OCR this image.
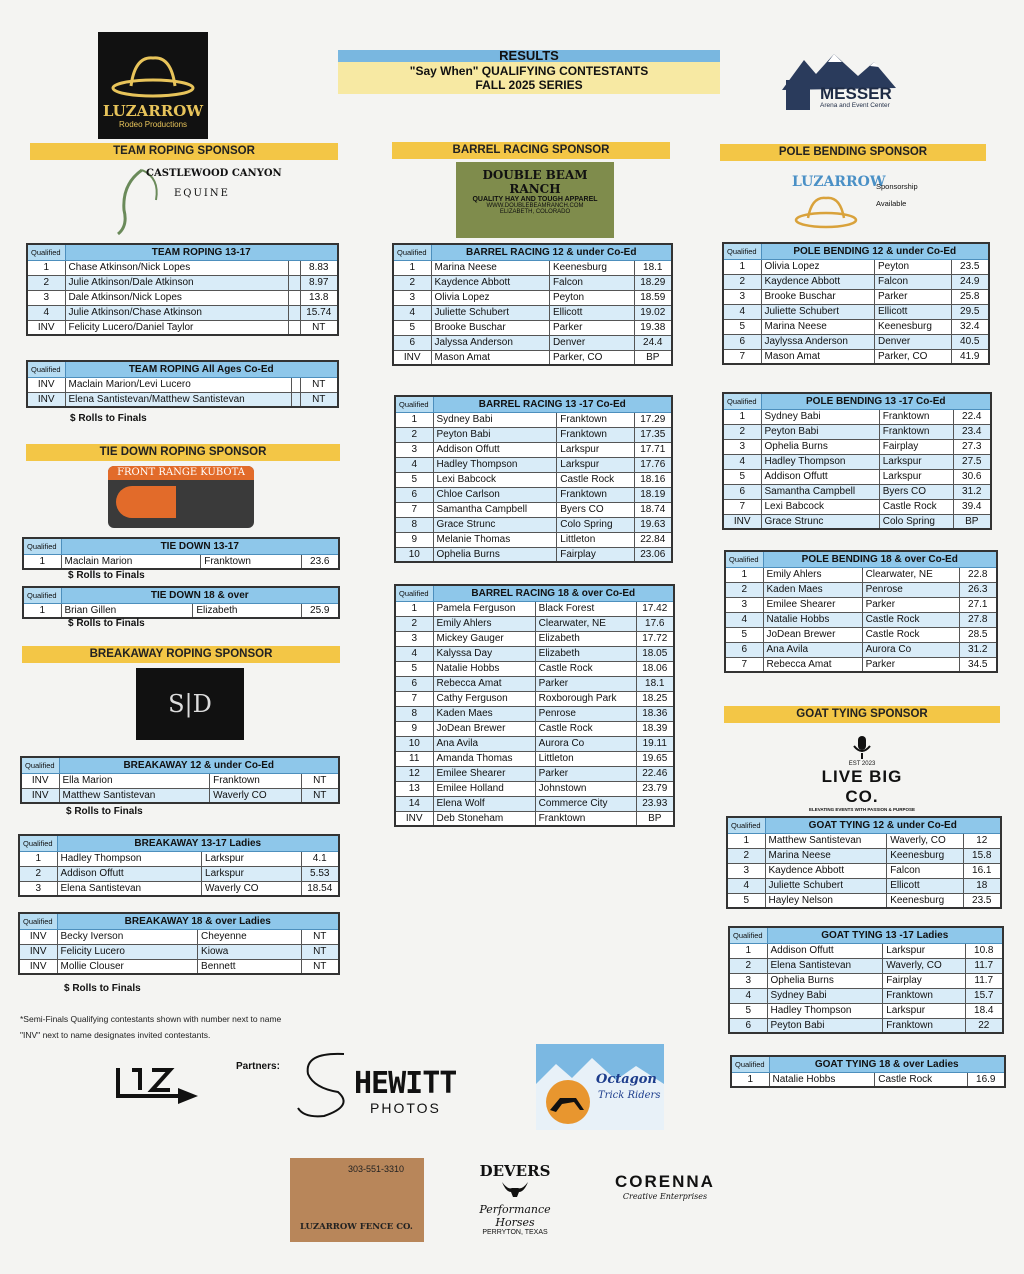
RESULTS
"Say When" QUALIFYING CONTESTANTS
FALL 2025 SERIES
LUZARROW
Rodeo Productions
MESSER
Arena and Event Center
TEAM ROPING SPONSOR	BARREL RACING SPONSOR	POLE BENDING SPONSOR
TIE DOWN ROPING SPONSOR
BREAKAWAY ROPING SPONSOR
GOAT TYING SPONSOR
CASTLEWOOD CANYON
EQUINE
DOUBLE BEAM RANCH
QUALITY HAY AND TOUGH APPAREL
WWW.DOUBLEBEAMRANCH.COM
ELIZABETH, COLORADO
LUZARROW
Sponsorship
Available
FRONT RANGE KUBOTA
S|D
EST 2023
LIVE BIG CO.
ELEVATING EVENTS WITH PASSION & PURPOSE
Qualified	TEAM ROPING 13-17		
1	Chase Atkinson/Nick Lopes		8.83
2	Julie Atkinson/Dale Atkinson		8.97
3	Dale Atkinson/Nick Lopes		13.8
4	Julie Atkinson/Chase Atkinson		15.74
INV	Felicity Lucero/Daniel Taylor		NT
Qualified	TEAM ROPING All Ages Co-Ed		
INV	Maclain Marion/Levi Lucero		NT
INV	Elena Santistevan/Matthew Santistevan		NT
$ Rolls to Finals
Qualified	TIE DOWN 13-17		
1	Maclain Marion	Franktown	23.6
$ Rolls to Finals
Qualified	TIE DOWN 18 & over		
1	Brian Gillen	Elizabeth	25.9
$ Rolls to Finals
Qualified	BREAKAWAY 12 & under Co-Ed		
INV	Ella Marion	Franktown	NT
INV	Matthew Santistevan	Waverly CO	NT
$ Rolls to Finals
Qualified	BREAKAWAY 13-17 Ladies		
1	Hadley Thompson	Larkspur	4.1
2	Addison Offutt	Larkspur	5.53
3	Elena Santistevan	Waverly CO	18.54
Qualified	BREAKAWAY 18 & over Ladies		
INV	Becky Iverson	Cheyenne	NT
INV	Felicity Lucero	Kiowa	NT
INV	Mollie Clouser	Bennett	NT
$ Rolls to Finals
Qualified	BARREL RACING 12 & under Co-Ed		
1	Marina Neese	Keenesburg	18.1
2	Kaydence Abbott	Falcon	18.29
3	Olivia Lopez	Peyton	18.59
4	Juliette Schubert	Ellicott	19.02
5	Brooke Buschar	Parker	19.38
6	Jalyssa Anderson	Denver	24.4
INV	Mason Amat	Parker, CO	BP
Qualified	BARREL RACING 13 -17 Co-Ed		
1	Sydney Babi	Franktown	17.29
2	Peyton Babi	Franktown	17.35
3	Addison Offutt	Larkspur	17.71
4	Hadley Thompson	Larkspur	17.76
5	Lexi Babcock	Castle Rock	18.16
6	Chloe Carlson	Franktown	18.19
7	Samantha Campbell	Byers CO	18.74
8	Grace Strunc	Colo Spring	19.63
9	Melanie Thomas	Littleton	22.84
10	Ophelia Burns	Fairplay	23.06
Qualified	BARREL RACING 18 & over Co-Ed		
1	Pamela Ferguson	Black Forest	17.42
2	Emily Ahlers	Clearwater, NE	17.6
3	Mickey Gauger	Elizabeth	17.72
4	Kalyssa Day	Elizabeth	18.05
5	Natalie Hobbs	Castle Rock	18.06
6	Rebecca Amat	Parker	18.1
7	Cathy Ferguson	Roxborough Park	18.25
8	Kaden Maes	Penrose	18.36
9	JoDean Brewer	Castle Rock	18.39
10	Ana Avila	Aurora Co	19.11
11	Amanda Thomas	Littleton	19.65
12	Emilee Shearer	Parker	22.46
13	Emilee Holland	Johnstown	23.79
14	Elena Wolf	Commerce City	23.93
INV	Deb Stoneham	Franktown	BP
Qualified	POLE BENDING 12 & under Co-Ed		
1	Olivia Lopez	Peyton	23.5
2	Kaydence Abbott	Falcon	24.9
3	Brooke Buschar	Parker	25.8
4	Juliette Schubert	Ellicott	29.5
5	Marina Neese	Keenesburg	32.4
6	Jaylyssa Anderson	Denver	40.5
7	Mason Amat	Parker, CO	41.9
Qualified	POLE BENDING 13 -17 Co-Ed		
1	Sydney Babi	Franktown	22.4
2	Peyton Babi	Franktown	23.4
3	Ophelia Burns	Fairplay	27.3
4	Hadley Thompson	Larkspur	27.5
5	Addison Offutt	Larkspur	30.6
6	Samantha Campbell	Byers CO	31.2
7	Lexi Babcock	Castle Rock	39.4
INV	Grace Strunc	Colo Spring	BP
Qualified	POLE BENDING 18 & over Co-Ed		
1	Emily Ahlers	Clearwater, NE	22.8
2	Kaden Maes	Penrose	26.3
3	Emilee Shearer	Parker	27.1
4	Natalie Hobbs	Castle Rock	27.8
5	JoDean Brewer	Castle Rock	28.5
6	Ana Avila	Aurora Co	31.2
7	Rebecca Amat	Parker	34.5
Qualified	GOAT TYING 12 & under Co-Ed		
1	Matthew Santistevan	Waverly, CO	12
2	Marina Neese	Keenesburg	15.8
3	Kaydence Abbott	Falcon	16.1
4	Juliette Schubert	Ellicott	18
5	Hayley Nelson	Keenesburg	23.5
Qualified	GOAT TYING 13 -17 Ladies		
1	Addison Offutt	Larkspur	10.8
2	Elena Santistevan	Waverly, CO	11.7
3	Ophelia Burns	Fairplay	11.7
4	Sydney Babi	Franktown	15.7
5	Hadley Thompson	Larkspur	18.4
6	Peyton Babi	Franktown	22
Qualified	GOAT TYING 18 & over Ladies		
1	Natalie Hobbs	Castle Rock	16.9
*Semi-Finals Qualifying contestants shown with number next to name
"INV" next to name designates invited contestants.
Partners: HEWITT
PHOTOS
Octagon
Trick Riders
303-551-3310
LUZARROW FENCE CO.
DEVERS
Performance Horses
PERRYTON, TEXAS
CORENNA
Creative Enterprises
